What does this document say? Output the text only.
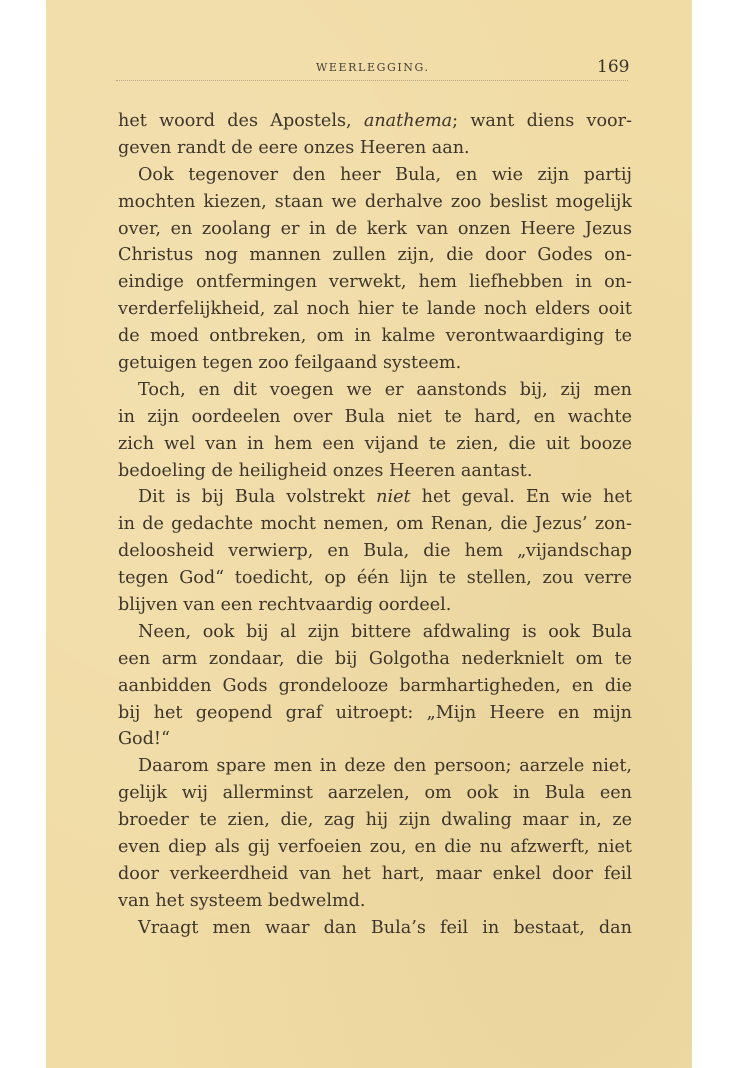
WEERLEGGING.	169
het woord des Apostels, anathema; want diens voor-
geven randt de eere onzes Heeren aan.
Ook tegenover den heer Bula, en wie zijn partij
mochten kiezen, staan we derhalve zoo beslist mogelijk
over, en zoolang er in de kerk van onzen Heere Jezus
Christus nog mannen zullen zijn, die door Godes on-
eindige ontfermingen verwekt, hem liefhebben in on-
verderfelijkheid, zal noch hier te lande noch elders ooit
de moed ontbreken, om in kalme verontwaardiging te
getuigen tegen zoo feilgaand systeem.
Toch, en dit voegen we er aanstonds bij, zij men
in zijn oordeelen over Bula niet te hard, en wachte
zich wel van in hem een vijand te zien, die uit booze
bedoeling de heiligheid onzes Heeren aantast.
Dit is bij Bula volstrekt niet het geval. En wie het
in de gedachte mocht nemen, om Renan, die Jezus’ zon-
deloosheid verwierp, en Bula, die hem „vijandschap
tegen God“ toedicht, op één lijn te stellen, zou verre
blijven van een rechtvaardig oordeel.
Neen, ook bij al zijn bittere afdwaling is ook Bula
een arm zondaar, die bij Golgotha nederknielt om te
aanbidden Gods grondelooze barmhartigheden, en die
bij het geopend graf uitroept: „Mijn Heere en mijn
God!“
Daarom spare men in deze den persoon; aarzele niet,
gelijk wij allerminst aarzelen, om ook in Bula een
broeder te zien, die, zag hij zijn dwaling maar in, ze
even diep als gij verfoeien zou, en die nu afzwerft, niet
door verkeerdheid van het hart, maar enkel door feil
van het systeem bedwelmd.
Vraagt men waar dan Bula’s feil in bestaat, dan
